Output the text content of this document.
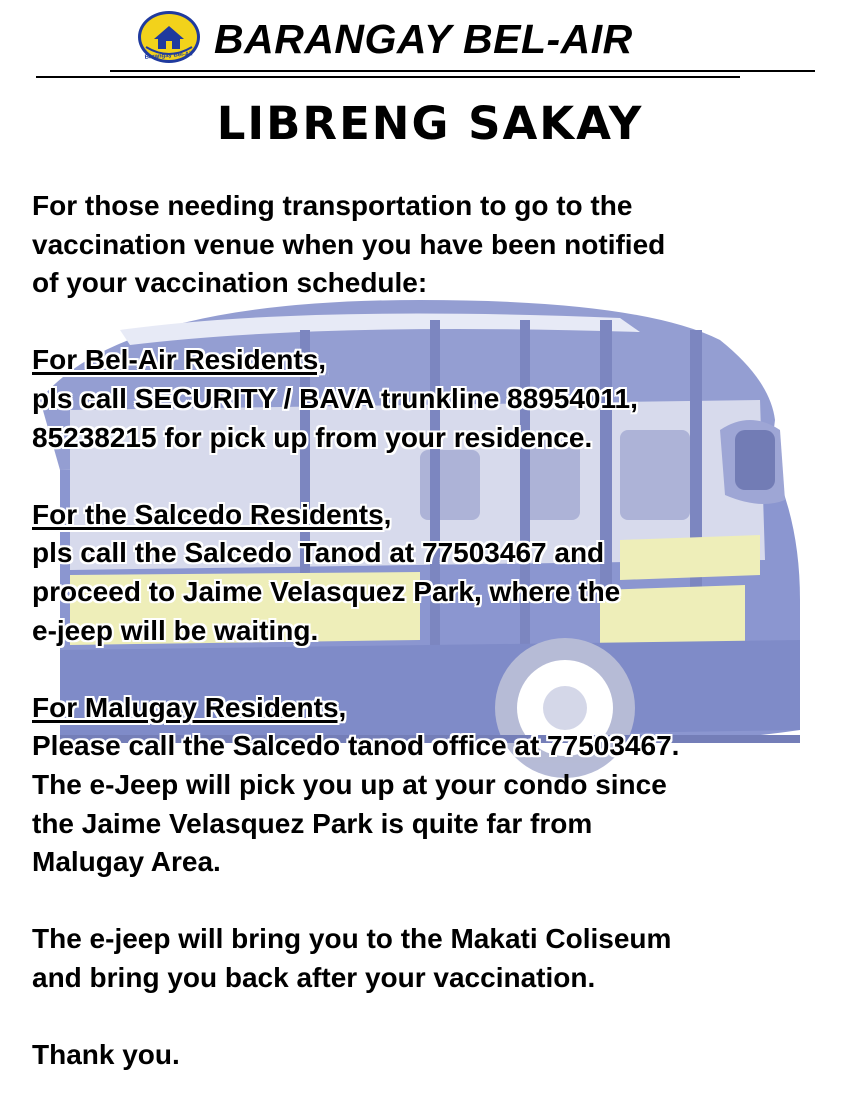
Barangay Bel-Air BARANGAY BEL-AIR
LIBRENG SAKAY

For those needing transportation to go to the

vaccination venue when you have been notified

of your vaccination schedule:

For Bel-Air Residents,

pls call SECURITY / BAVA trunkline 88954011,

85238215 for pick up from your residence.

For the Salcedo Residents,

pls call the Salcedo Tanod at 77503467 and

proceed to Jaime Velasquez Park, where the

e-jeep will be waiting.

For Malugay Residents,

Please call the Salcedo tanod office at 77503467.

The e-Jeep will pick you up at your condo since

the Jaime Velasquez Park is quite far from

Malugay Area.

The e-jeep will bring you to the Makati Coliseum

and bring you back after your vaccination.

Thank you.
